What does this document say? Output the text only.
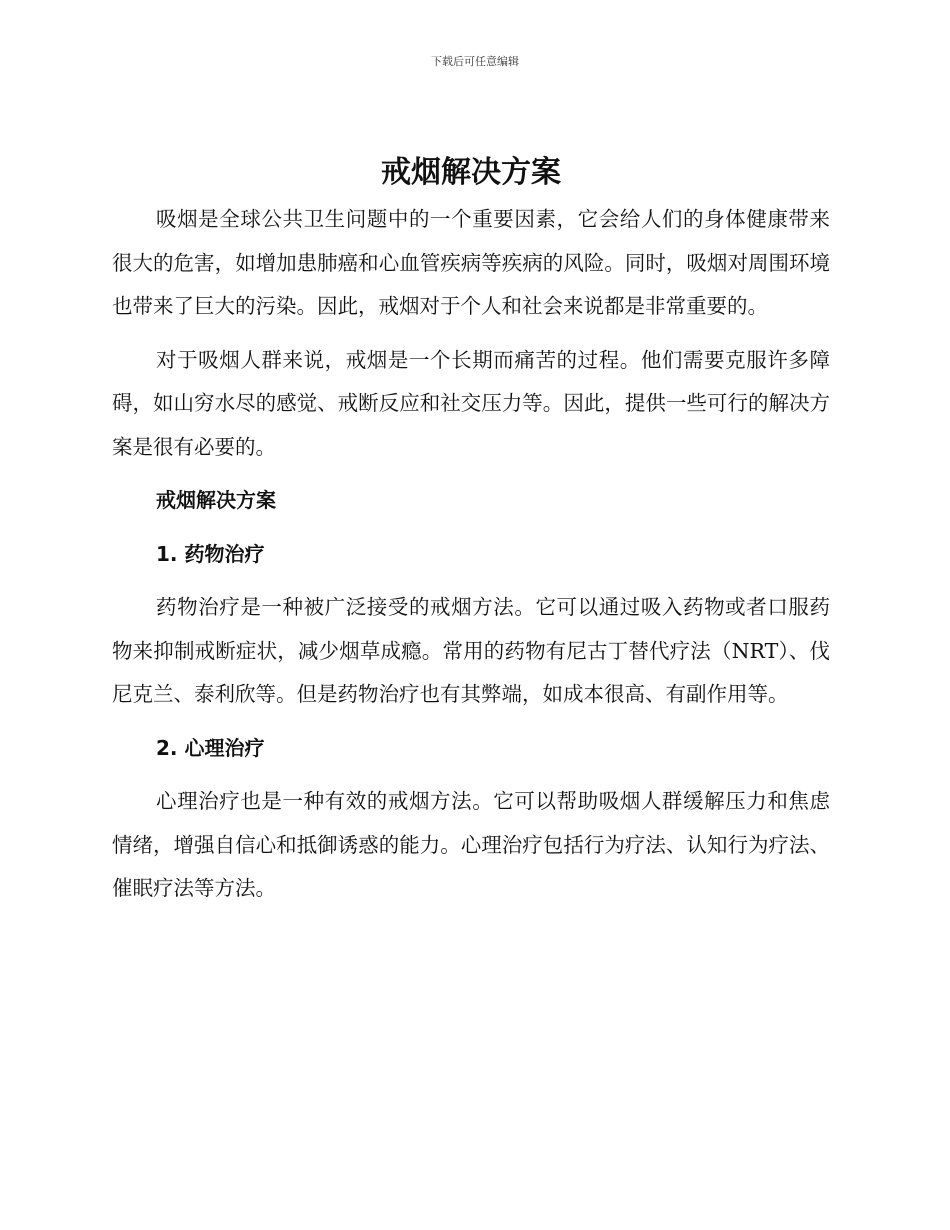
下载后可任意编辑
戒烟解决方案

吸烟是全球公共卫生问题中的一个重要因素，它会给人们的身体健康带来很大的危害，如增加患肺癌和心血管疾病等疾病的风险。同时，吸烟对周围环境也带来了巨大的污染。因此，戒烟对于个人和社会来说都是非常重要的。

对于吸烟人群来说，戒烟是一个长期而痛苦的过程。他们需要克服许多障碍，如山穷水尽的感觉、戒断反应和社交压力等。因此，提供一些可行的解决方案是很有必要的。

戒烟解决方案
1. 药物治疗

药物治疗是一种被广泛接受的戒烟方法。它可以通过吸入药物或者口服药物来抑制戒断症状，减少烟草成瘾。常用的药物有尼古丁替代疗法（NRT）、伐尼克兰、泰利欣等。但是药物治疗也有其弊端，如成本很高、有副作用等。

2. 心理治疗

心理治疗也是一种有效的戒烟方法。它可以帮助吸烟人群缓解压力和焦虑情绪，增强自信心和抵御诱惑的能力。心理治疗包括行为疗法、认知行为疗法、催眠疗法等方法。
